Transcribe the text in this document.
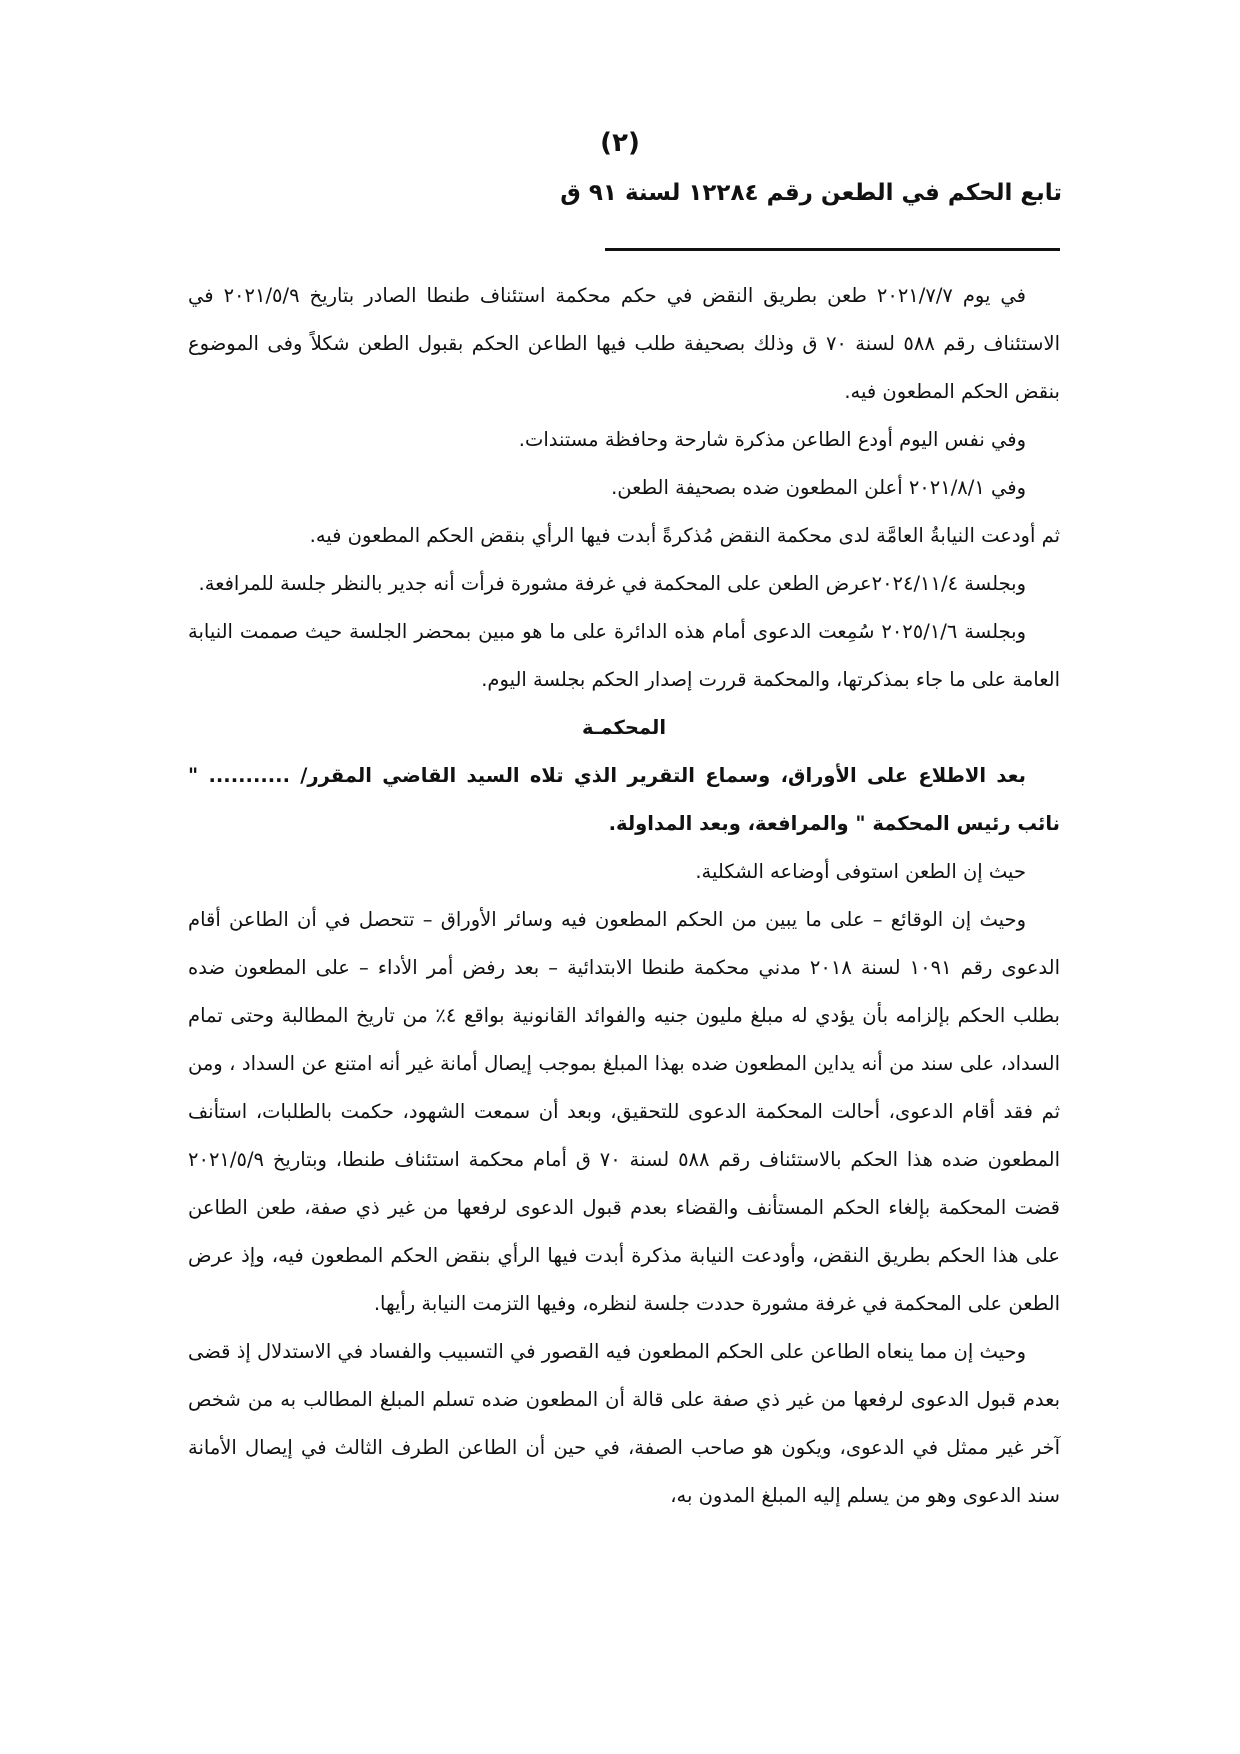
(٢)
تابع الحكم في الطعن رقم ١٢٢٨٤ لسنة ٩١ ق

في يوم ٢٠٢١/٧/٧ طعن بطريق النقض في حكم محكمة استئناف طنطا الصادر بتاريخ ٢٠٢١/٥/٩ في الاستئناف رقم ٥٨٨ لسنة ٧٠ ق وذلك بصحيفة طلب فيها الطاعن الحكم بقبول الطعن شكلاً وفى الموضوع بنقض الحكم المطعون فيه.

وفي نفس اليوم أودع الطاعن مذكرة شارحة وحافظة مستندات.

وفي ٢٠٢١/٨/١ أعلن المطعون ضده بصحيفة الطعن.

ثم أودعت النيابةُ العامَّة لدى محكمة النقض مُذكرةً أبدت فيها الرأي بنقض الحكم المطعون فيه.

وبجلسة ٢٠٢٤/١١/٤عرض الطعن على المحكمة في غرفة مشورة فرأت أنه جدير بالنظر جلسة للمرافعة.

وبجلسة ٢٠٢٥/١/٦ سُمِعت الدعوى أمام هذه الدائرة على ما هو مبين بمحضر الجلسة حيث صممت النيابة العامة على ما جاء بمذكرتها، والمحكمة قررت إصدار الحكم بجلسة اليوم.

المحكمـة

بعد الاطلاع على الأوراق، وسماع التقرير الذي تلاه السيد القاضي المقرر/ ........... " نائب رئيس المحكمة " والمرافعة، وبعد المداولة.

حيث إن الطعن استوفى أوضاعه الشكلية.

وحيث إن الوقائع – على ما يبين من الحكم المطعون فيه وسائر الأوراق – تتحصل في أن الطاعن أقام الدعوى رقم ١٠٩١ لسنة ٢٠١٨ مدني محكمة طنطا الابتدائية – بعد رفض أمر الأداء – على المطعون ضده بطلب الحكم بإلزامه بأن يؤدي له مبلغ مليون جنيه والفوائد القانونية بواقع ٤٪ من تاريخ المطالبة وحتى تمام السداد، على سند من أنه يداين المطعون ضده بهذا المبلغ بموجب إيصال أمانة غير أنه امتنع عن السداد ، ومن ثم فقد أقام الدعوى، أحالت المحكمة الدعوى للتحقيق، وبعد أن سمعت الشهود، حكمت بالطلبات، استأنف المطعون ضده هذا الحكم بالاستئناف رقم ٥٨٨ لسنة ٧٠ ق أمام محكمة استئناف طنطا، وبتاريخ ٢٠٢١/٥/٩ قضت المحكمة بإلغاء الحكم المستأنف والقضاء بعدم قبول الدعوى لرفعها من غير ذي صفة، طعن الطاعن على هذا الحكم بطريق النقض، وأودعت النيابة مذكرة أبدت فيها الرأي بنقض الحكم المطعون فيه، وإذ عرض الطعن على المحكمة في غرفة مشورة حددت جلسة لنظره، وفيها التزمت النيابة رأيها.

وحيث إن مما ينعاه الطاعن على الحكم المطعون فيه القصور في التسبيب والفساد في الاستدلال إذ قضى بعدم قبول الدعوى لرفعها من غير ذي صفة على قالة أن المطعون ضده تسلم المبلغ المطالب به من شخص آخر غير ممثل في الدعوى، ويكون هو صاحب الصفة، في حين أن الطاعن الطرف الثالث في إيصال الأمانة سند الدعوى وهو من يسلم إليه المبلغ المدون به،
